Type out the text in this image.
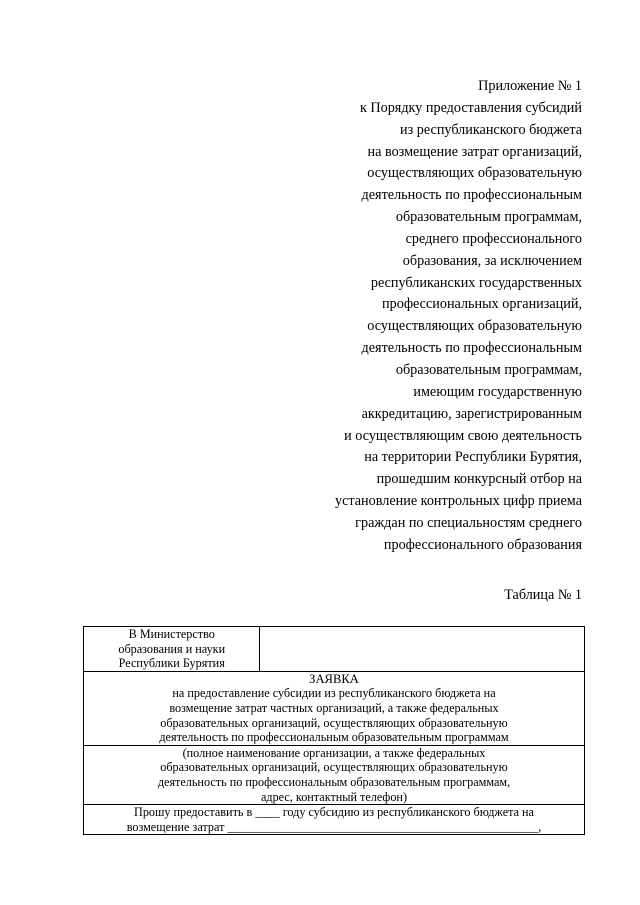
Приложение № 1
к Порядку предоставления субсидий
из республиканского бюджета
на возмещение затрат организаций,
осуществляющих образовательную
деятельность по профессиональным
образовательным программам,
среднего профессионального
образования, за исключением
республиканских государственных
профессиональных организаций,
осуществляющих образовательную
деятельность по профессиональным
образовательным программам,
имеющим государственную
аккредитацию, зарегистрированным
и осуществляющим свою деятельность
на территории Республики Бурятия,
прошедшим конкурсный отбор на
установление контрольных цифр приема
граждан по специальностям среднего
профессионального образования
Таблица № 1
В Министерство
образования и науки
Республики Бурятия

ЗАЯВКА
на предоставление субсидии из республиканского бюджета на
возмещение затрат частных организаций, а также федеральных
образовательных организаций, осуществляющих образовательную
деятельность по профессиональным образовательным программам

(полное наименование организации, а также федеральных
образовательных организаций, осуществляющих образовательную
деятельность по профессиональным образовательным программам,
адрес, контактный телефон)

Прошу предоставить в ____ году субсидию из республиканского бюджета на
возмещение затрат ___________________________________________________,
